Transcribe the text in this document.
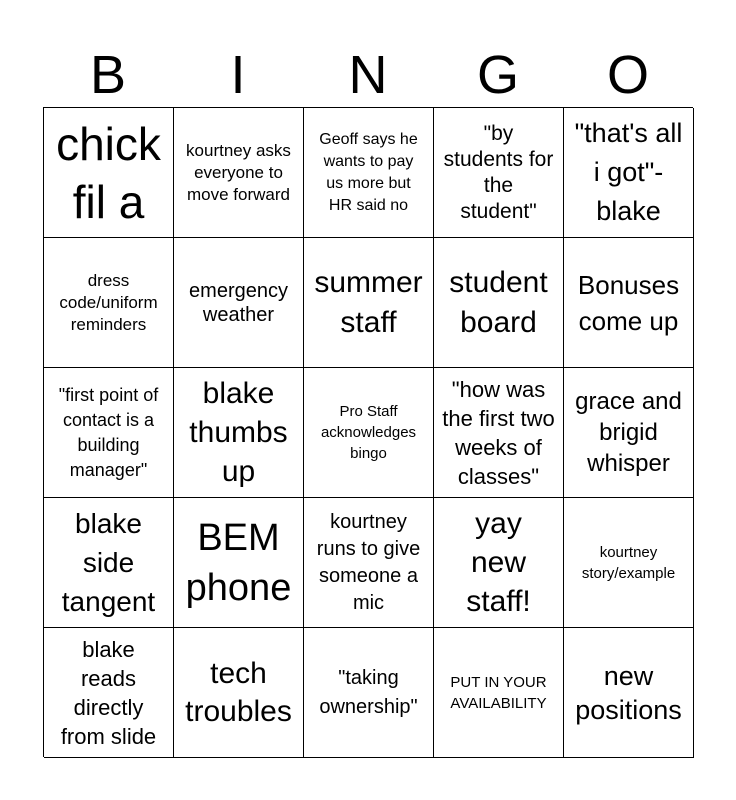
B	I	N	G	O
chick fil a
kourtney asks everyone to move forward
Geoff says he wants to pay us more but HR said no
"by students for the student"
"that's all i got"- blake
dress code/uniform reminders
emergency weather
summer staff
student board
Bonuses come up
"first point of contact is a building manager"
blake thumbs up
Pro Staff acknowledges bingo
"how was the first two weeks of classes"
grace and brigid whisper
blake side tangent
BEM phone
kourtney runs to give someone a mic
yay new staff!
kourtney story/example
blake reads directly from slide
tech troubles
"taking ownership"
PUT IN YOUR AVAILABILITY
new positions
